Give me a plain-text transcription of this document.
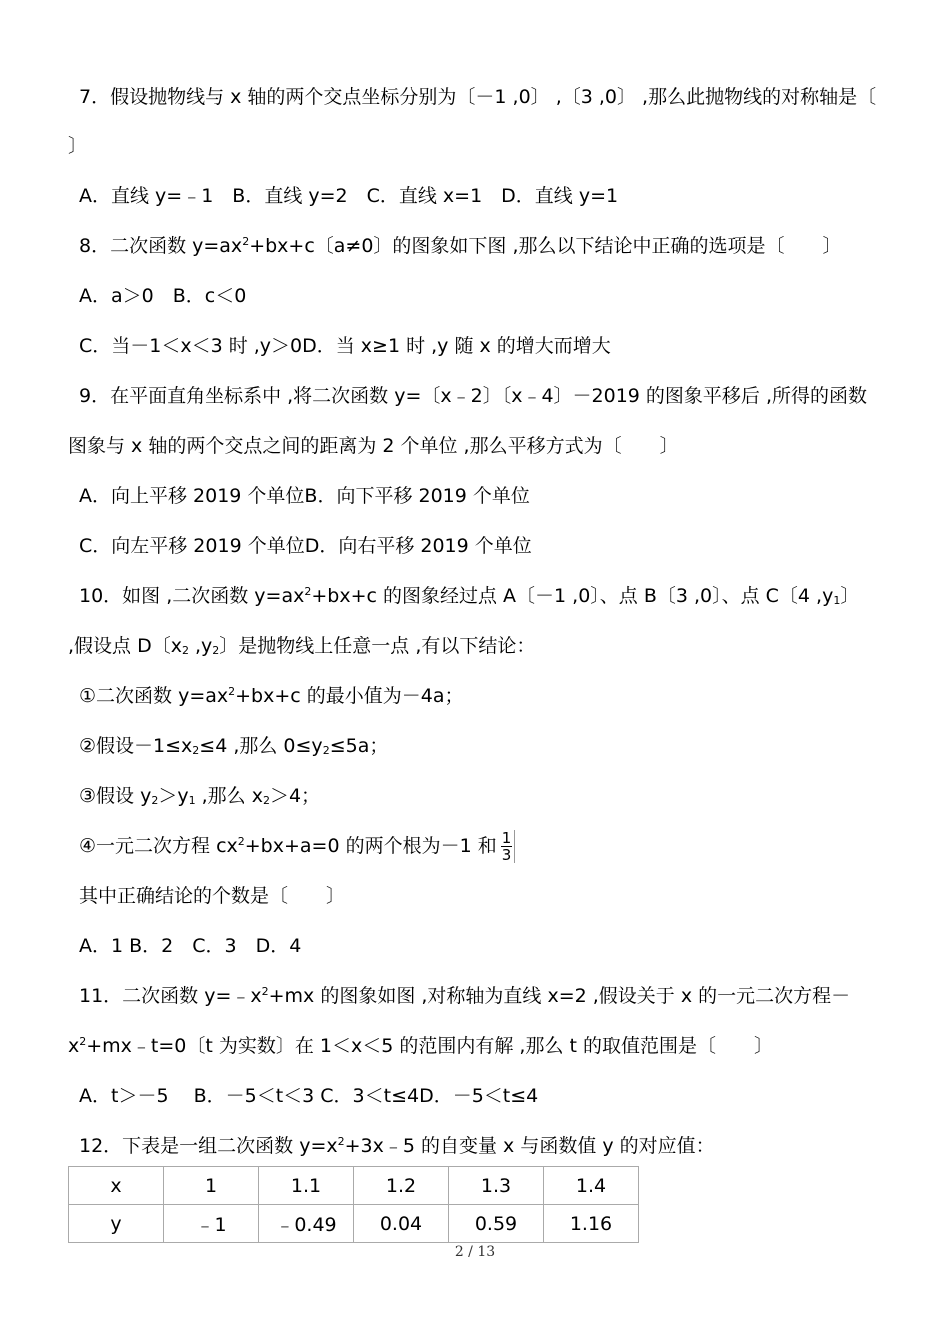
7．假设抛物线与 x 轴的两个交点坐标分别为〔－1 ,0〕 ,〔3 ,0〕 ,那么此抛物线的对称轴是〔
〕
A．直线 y=﹣1　B．直线 y=2　C．直线 x=1　D．直线 y=1
8．二次函数 $y=ax^2+bx+c$〔a≠0〕的图象如下图 ,那么以下结论中正确的选项是〔　　〕
A．a＞0　B．c＜0
C．当－1＜x＜3 时 ,y＞0D．当 x≥1 时 ,y 随 x 的增大而增大
9．在平面直角坐标系中 ,将二次函数 y=〔x﹣2〕〔x﹣4〕－2019 的图象平移后 ,所得的函数
图象与 x 轴的两个交点之间的距离为 2 个单位 ,那么平移方式为〔　　〕
A．向上平移 2019 个单位B．向下平移 2019 个单位
C．向左平移 2019 个单位D．向右平移 2019 个单位
10．如图 ,二次函数 $y=ax^2+bx+c$ 的图象经过点 A〔－1 ,0〕、点 B〔3 ,0〕、点 C〔4 $,y_1$〕
,假设点 D〔$x_2$ $,y_2$〕是抛物线上任意一点 ,有以下结论：
①二次函数 $y=ax^2+bx+c$ 的最小值为－4a；
②假设$-1\le x_2\le 4$ ,那么 $0\le y_2\le 5a$；
③假设 $y_2>y_1$ ,那么 $x_2>4$；
④一元二次方程 $cx^2+bx+a=0$ 的两个根为－1 和 $\frac{1}{3}$
其中正确结论的个数是〔　　〕
A．1 B．2　C．3　D．4
11．二次函数 $y=﹣x^2+mx$ 的图象如图 ,对称轴为直线 x=2 ,假设关于 x 的一元二次方程－
$x^2+mx﹣t=0$〔t 为实数〕在 1＜x＜5 的范围内有解 ,那么 t 的取值范围是〔　　〕
A．t＞－5　 B．－5＜t＜3 C．3＜t≤4D．－5＜t≤4
12．下表是一组二次函数 $y=x^2+3x﹣5$ 的自变量 x 与函数值 y 的对应值：
x	1	1.1	1.2	1.3	1.4
y	﹣1	﹣0.49	0.04	0.59	1.16
2 / 13
